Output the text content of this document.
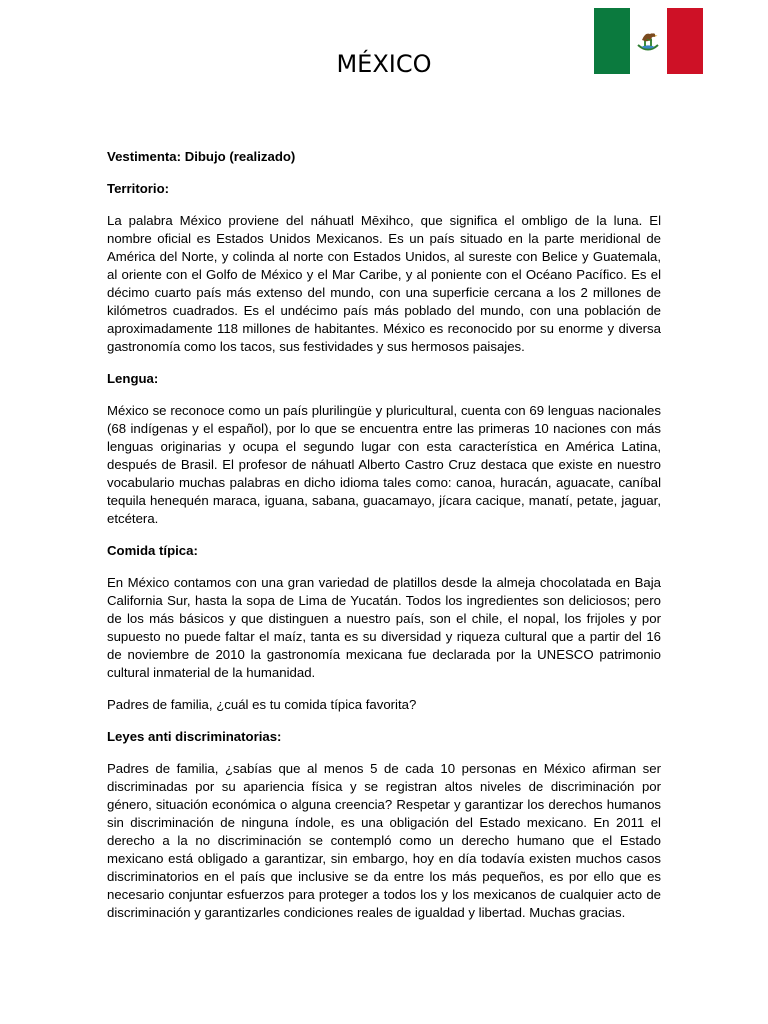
MÉXICO
Vestimenta: Dibujo (realizado)
Territorio:

La palabra México proviene del náhuatl Mēxihco, que significa el ombligo de la luna. El nombre oficial es Estados Unidos Mexicanos. Es un país situado en la parte meridional de América del Norte, y colinda al norte con Estados Unidos, al sureste con Belice y Guatemala, al oriente con el Golfo de México y el Mar Caribe, y al poniente con el Océano Pacífico. Es el décimo cuarto país más extenso del mundo, con una superficie cercana a los 2 millones de kilómetros cuadrados. Es el undécimo país más poblado del mundo, con una población de aproximadamente 118 millones de habitantes. México es reconocido por su enorme y diversa gastronomía como los tacos, sus festividades y sus hermosos paisajes.

Lengua:

México se reconoce como un país plurilingüe y pluricultural, cuenta con 69 lenguas nacionales (68 indígenas y el español), por lo que se encuentra entre las primeras 10 naciones con más lenguas originarias y ocupa el segundo lugar con esta característica en América Latina, después de Brasil. El profesor de náhuatl Alberto Castro Cruz destaca que existe en nuestro vocabulario muchas palabras en dicho idioma tales como: canoa, huracán, aguacate, caníbal tequila henequén maraca, iguana, sabana, guacamayo, jícara cacique, manatí, petate, jaguar, etcétera.

Comida típica:

En México contamos con una gran variedad de platillos desde la almeja chocolatada en Baja California Sur, hasta la sopa de Lima de Yucatán. Todos los ingredientes son deliciosos; pero de los más básicos y que distinguen a nuestro país, son el chile, el nopal, los frijoles y por supuesto no puede faltar el maíz, tanta es su diversidad y riqueza cultural que a partir del 16 de noviembre de 2010 la gastronomía mexicana fue declarada por la UNESCO patrimonio cultural inmaterial de la humanidad.

Padres de familia, ¿cuál es tu comida típica favorita?

Leyes anti discriminatorias:

Padres de familia, ¿sabías que al menos 5 de cada 10 personas en México afirman ser discriminadas por su apariencia física y se registran altos niveles de discriminación por género, situación económica o alguna creencia? Respetar y garantizar los derechos humanos sin discriminación de ninguna índole, es una obligación del Estado mexicano. En 2011 el derecho a la no discriminación se contempló como un derecho humano que el Estado mexicano está obligado a garantizar, sin embargo, hoy en día todavía existen muchos casos discriminatorios en el país que inclusive se da entre los más pequeños, es por ello que es necesario conjuntar esfuerzos para proteger a todos los y los mexicanos de cualquier acto de discriminación y garantizarles condiciones reales de igualdad y libertad. Muchas gracias.
